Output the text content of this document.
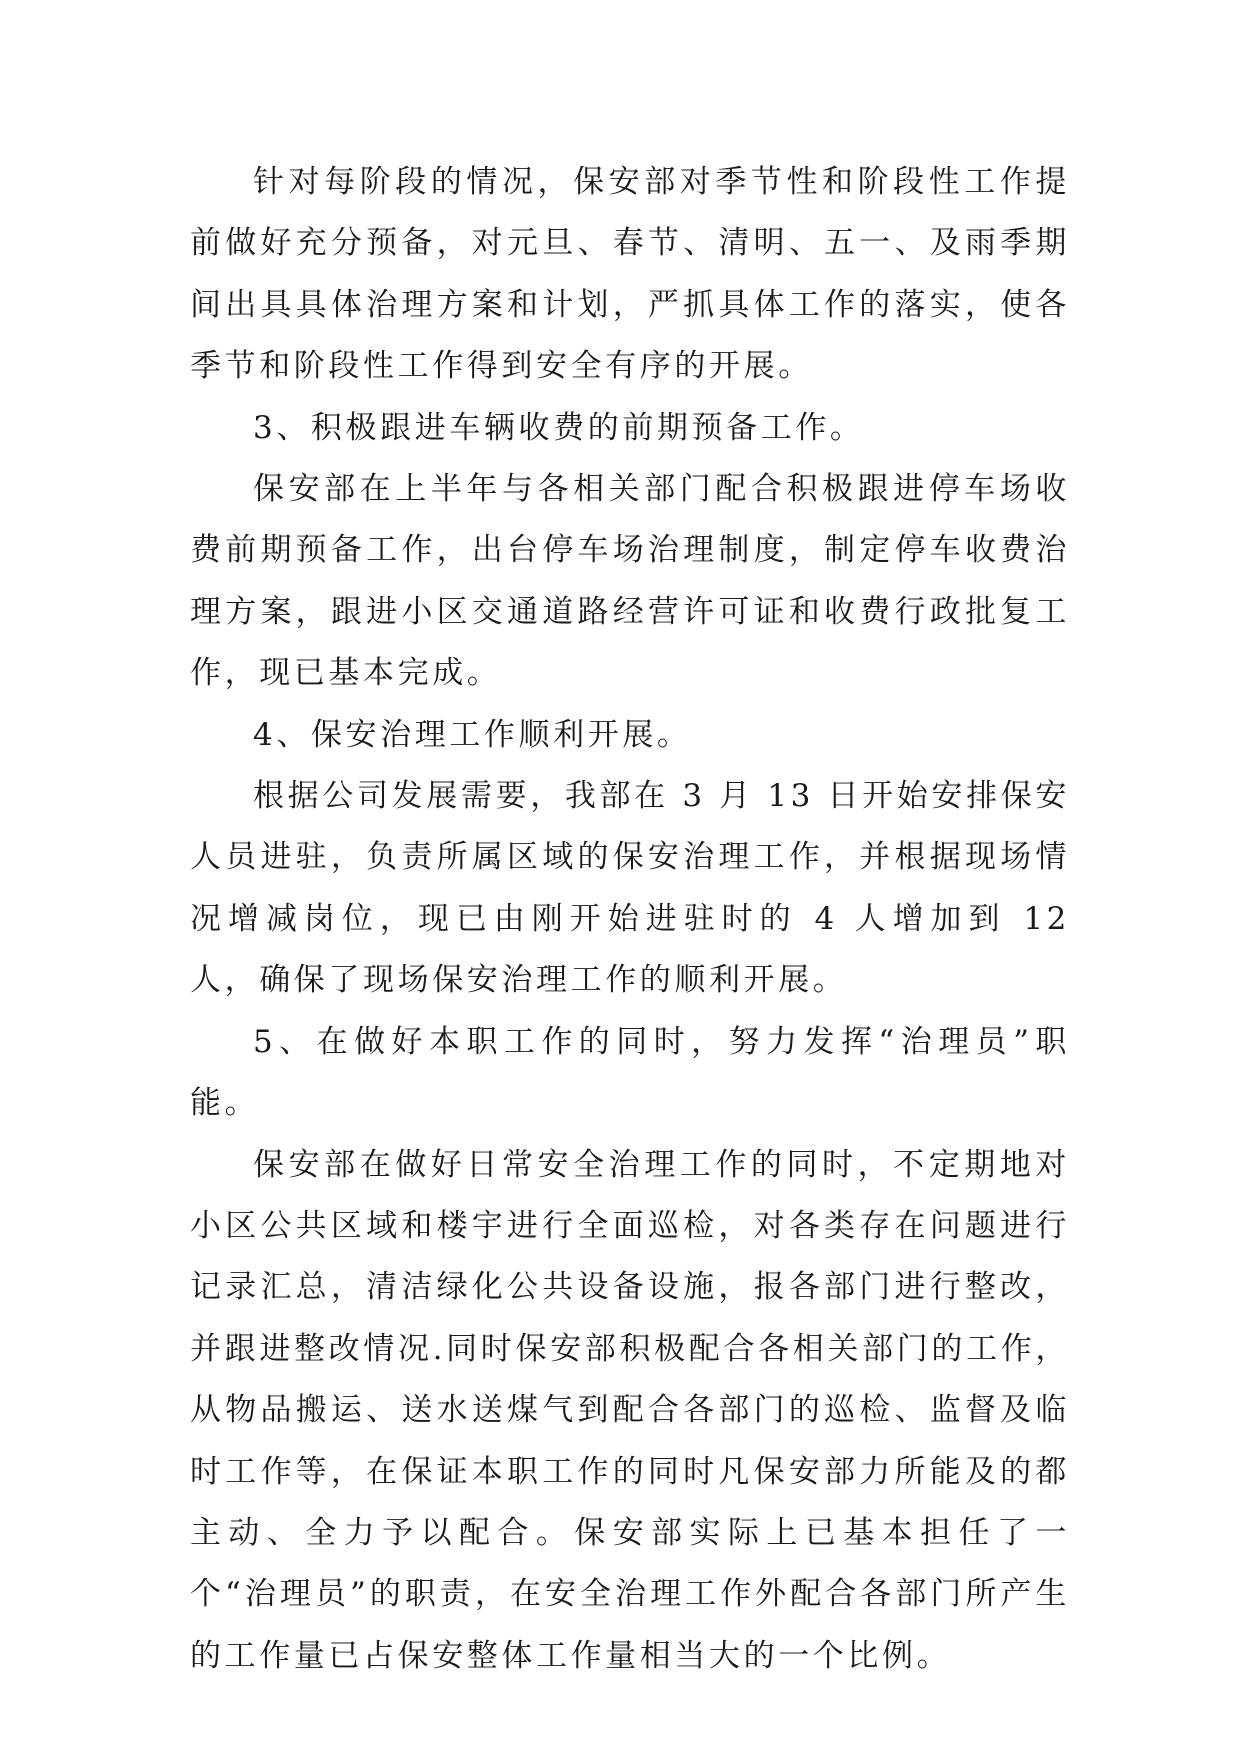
针对每阶段的情况，保安部对季节性和阶段性工作提前做好充分预备，对元旦、春节、清明、五一、及雨季期间出具具体治理方案和计划，严抓具体工作的落实，使各季节和阶段性工作得到安全有序的开展。

3、积极跟进车辆收费的前期预备工作。

保安部在上半年与各相关部门配合积极跟进停车场收费前期预备工作，出台停车场治理制度，制定停车收费治理方案，跟进小区交通道路经营许可证和收费行政批复工作，现已基本完成。

4、保安治理工作顺利开展。

根据公司发展需要，我部在 3 月 13 日开始安排保安人员进驻，负责所属区域的保安治理工作，并根据现场情况增减岗位，现已由刚开始进驻时的 4 人增加到 12 人，确保了现场保安治理工作的顺利开展。

5、在做好本职工作的同时，努力发挥“治理员”职能。

保安部在做好日常安全治理工作的同时，不定期地对小区公共区域和楼宇进行全面巡检，对各类存在问题进行记录汇总，清洁绿化公共设备设施，报各部门进行整改，并跟进整改情况.同时保安部积极配合各相关部门的工作，从物品搬运、送水送煤气到配合各部门的巡检、监督及临时工作等，在保证本职工作的同时凡保安部力所能及的都主动、全力予以配合。保安部实际上已基本担任了一个“治理员”的职责，在安全治理工作外配合各部门所产生的工作量已占保安整体工作量相当大的一个比例。
